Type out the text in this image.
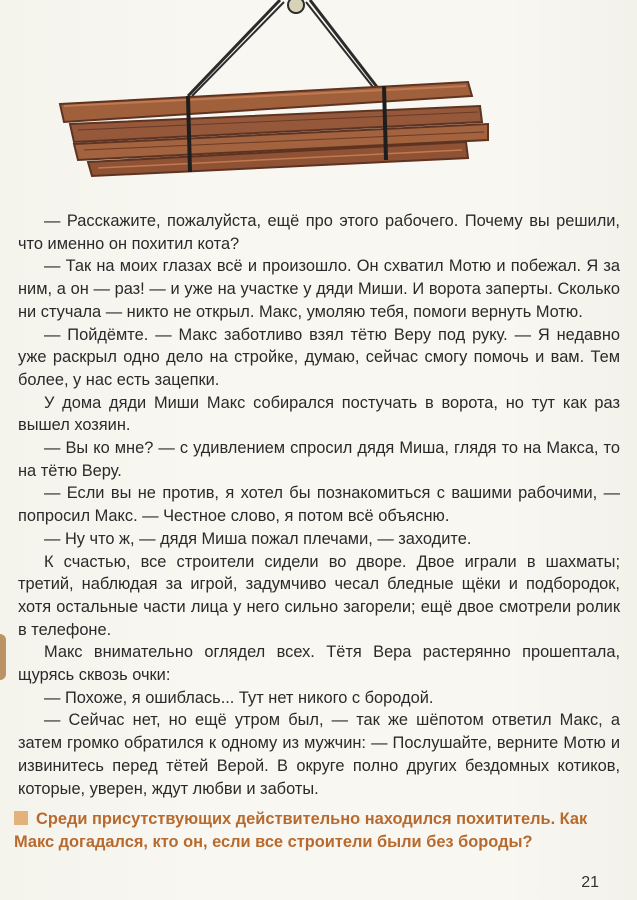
— Расскажите, пожалуйста, ещё про этого рабочего. Почему вы решили, что именно он похитил кота?

— Так на моих глазах всё и произошло. Он схватил Мотю и побежал. Я за ним, а он — раз! — и уже на участке у дяди Миши. И ворота заперты. Сколько ни стучала — никто не открыл. Макс, умоляю тебя, помоги вернуть Мотю.

— Пойдёмте. — Макс заботливо взял тётю Веру под руку. — Я недавно уже раскрыл одно дело на стройке, думаю, сейчас смогу помочь и вам. Тем более, у нас есть зацепки.

У дома дяди Миши Макс собирался постучать в ворота, но тут как раз вышел хозяин.

— Вы ко мне? — с удивлением спросил дядя Миша, глядя то на Макса, то на тётю Веру.

— Если вы не против, я хотел бы познакомиться с вашими рабочими, — попросил Макс. — Честное слово, я потом всё объясню.

— Ну что ж, — дядя Миша пожал плечами, — заходите.

К счастью, все строители сидели во дворе. Двое играли в шахматы; третий, наблюдая за игрой, задумчиво чесал бледные щёки и подбородок, хотя остальные части лица у него сильно загорели; ещё двое смотрели ролик в телефоне.

Макс внимательно оглядел всех. Тётя Вера растерянно прошептала, щурясь сквозь очки:

— Похоже, я ошиблась... Тут нет никого с бородой.

— Сейчас нет, но ещё утром был, — так же шёпотом ответил Макс, а затем громко обратился к одному из мужчин: — Послушайте, верните Мотю и извинитесь перед тётей Верой. В округе полно других бездомных котиков, которые, уверен, ждут любви и заботы.

Среди присутствующих действительно находился похититель. Как Макс догадался, кто он, если все строители были без бороды?
21
